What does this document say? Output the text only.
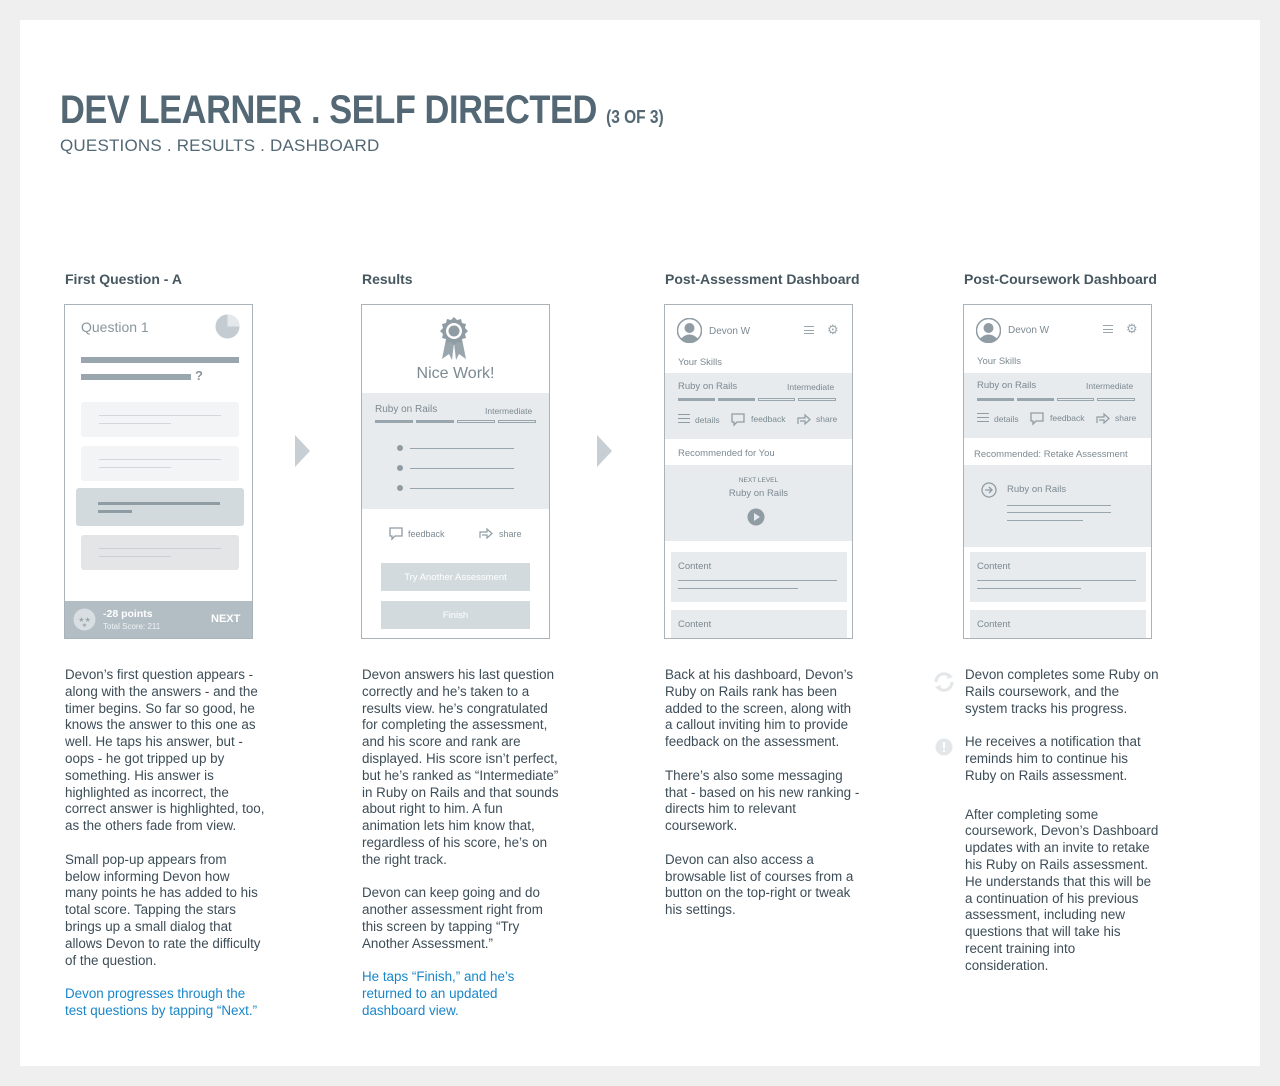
DEV LEARNER . SELF DIRECTED (3 OF 3)
QUESTIONS . RESULTS . DASHBOARD
First Question - A	Results	Post-Assessment Dashboard	Post-Coursework Dashboard
Question 1
?
★★
★
-28 points
Total Score: 211
NEXT
Nice Work!
Ruby on Rails	Intermediate
feedback	share
Try Another Assessment
Finish
Devon W	⚙
Your Skills
Ruby on Rails	Intermediate
details	feedback	share
Recommended for You
NEXT LEVEL
Ruby on Rails
Content
Content
Devon W	⚙
Your Skills
Ruby on Rails	Intermediate
details	feedback	share
Recommended: Retake Assessment
Ruby on Rails
Content
Content

Devon’s first question appears - along with the answers - and the timer begins. So far so good, he knows the answer to this one as well. He taps his answer, but - oops - he got tripped up by something. His answer is highlighted as incorrect, the correct answer is highlighted, too, as the others fade from view.

Small pop-up appears from below informing Devon how many points he has added to his total score. Tapping the stars brings up a small dialog that allows Devon to rate the difficulty of the question.

Devon progresses through the test questions by tapping “Next.”

Devon answers his last question correctly and he’s taken to a results view. he’s congratulated for completing the assessment, and his score and rank are displayed. His score isn’t perfect, but he’s ranked as “Intermediate” in Ruby on Rails and that sounds about right to him. A fun animation lets him know that, regardless of his score, he’s on the right track.

Devon can keep going and do another assessment right from this screen by tapping “Try Another Assessment.”

He taps “Finish,” and he’s returned to an updated dashboard view.

Back at his dashboard, Devon’s Ruby on Rails rank has been added to the screen, along with a callout inviting him to provide feedback on the assessment.

There’s also some messaging that - based on his new ranking - directs him to relevant coursework.

Devon can also access a browsable list of courses from a button on the top-right or tweak his settings.

Devon completes some Ruby on Rails coursework, and the system tracks his progress.

He receives a notification that reminds him to continue his Ruby on Rails assessment.

After completing some coursework, Devon’s Dashboard updates with an invite to retake his Ruby on Rails assessment. He understands that this will be a continuation of his previous assessment, including new questions that will take his recent training into consideration.
